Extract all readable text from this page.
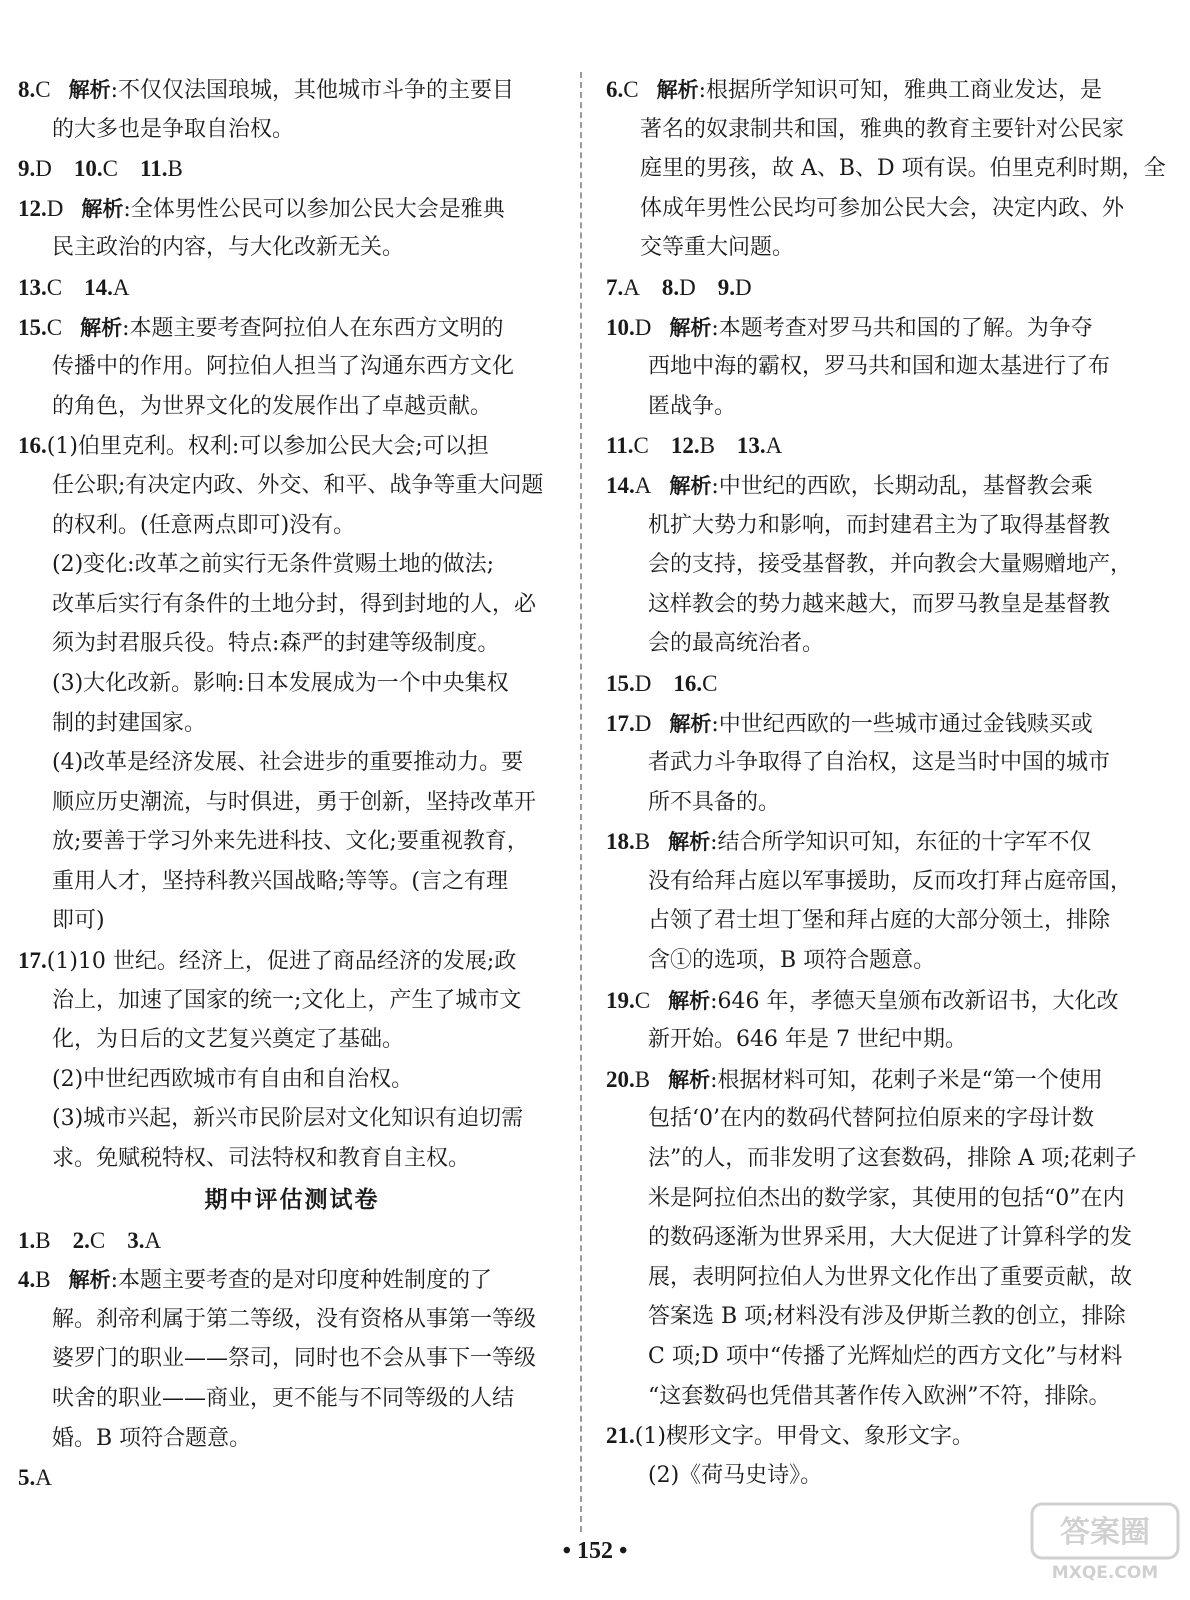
8.C 解析:不仅仅法国琅城，其他城市斗争的主要目
的大多也是争取自治权。
9.D 10.C 11.B
12.D 解析:全体男性公民可以参加公民大会是雅典
民主政治的内容，与大化改新无关。
13.C 14.A
15.C 解析:本题主要考查阿拉伯人在东西方文明的
传播中的作用。阿拉伯人担当了沟通东西方文化
的角色，为世界文化的发展作出了卓越贡献。
16.(1)伯里克利。权利:可以参加公民大会;可以担
任公职;有决定内政、外交、和平、战争等重大问题
的权利。(任意两点即可)没有。
(2)变化:改革之前实行无条件赏赐土地的做法;
改革后实行有条件的土地分封，得到封地的人，必
须为封君服兵役。特点:森严的封建等级制度。
(3)大化改新。影响:日本发展成为一个中央集权
制的封建国家。
(4)改革是经济发展、社会进步的重要推动力。要
顺应历史潮流，与时俱进，勇于创新，坚持改革开
放;要善于学习外来先进科技、文化;要重视教育，
重用人才，坚持科教兴国战略;等等。(言之有理
即可)
17.(1)10 世纪。经济上，促进了商品经济的发展;政
治上，加速了国家的统一;文化上，产生了城市文
化，为日后的文艺复兴奠定了基础。
(2)中世纪西欧城市有自由和自治权。
(3)城市兴起，新兴市民阶层对文化知识有迫切需
求。免赋税特权、司法特权和教育自主权。
期中评估测试卷
1.B 2.C 3.A
4.B 解析:本题主要考查的是对印度种姓制度的了
解。刹帝利属于第二等级，没有资格从事第一等级
婆罗门的职业——祭司，同时也不会从事下一等级
吠舍的职业——商业，更不能与不同等级的人结
婚。B 项符合题意。
5.A
6.C 解析:根据所学知识可知，雅典工商业发达，是
著名的奴隶制共和国，雅典的教育主要针对公民家
庭里的男孩，故 A、B、D 项有误。伯里克利时期，全
体成年男性公民均可参加公民大会，决定内政、外
交等重大问题。
7.A 8.D 9.D
10.D 解析:本题考查对罗马共和国的了解。为争夺
西地中海的霸权，罗马共和国和迦太基进行了布
匿战争。
11.C 12.B 13.A
14.A 解析:中世纪的西欧，长期动乱，基督教会乘
机扩大势力和影响，而封建君主为了取得基督教
会的支持，接受基督教，并向教会大量赐赠地产，
这样教会的势力越来越大，而罗马教皇是基督教
会的最高统治者。
15.D 16.C
17.D 解析:中世纪西欧的一些城市通过金钱赎买或
者武力斗争取得了自治权，这是当时中国的城市
所不具备的。
18.B 解析:结合所学知识可知，东征的十字军不仅
没有给拜占庭以军事援助，反而攻打拜占庭帝国，
占领了君士坦丁堡和拜占庭的大部分领土，排除
含①的选项，B 项符合题意。
19.C 解析:646 年，孝德天皇颁布改新诏书，大化改
新开始。646 年是 7 世纪中期。
20.B 解析:根据材料可知，花剌子米是“第一个使用
包括‘0’在内的数码代替阿拉伯原来的字母计数
法”的人，而非发明了这套数码，排除 A 项;花剌子
米是阿拉伯杰出的数学家，其使用的包括“0”在内
的数码逐渐为世界采用，大大促进了计算科学的发
展，表明阿拉伯人为世界文化作出了重要贡献，故
答案选 B 项;材料没有涉及伊斯兰教的创立，排除
C 项;D 项中“传播了光辉灿烂的西方文化”与材料
“这套数码也凭借其著作传入欧洲”不符，排除。
21.(1)楔形文字。甲骨文、象形文字。
(2)《荷马史诗》。
• 152 •
答案圈
MXQE.COM
